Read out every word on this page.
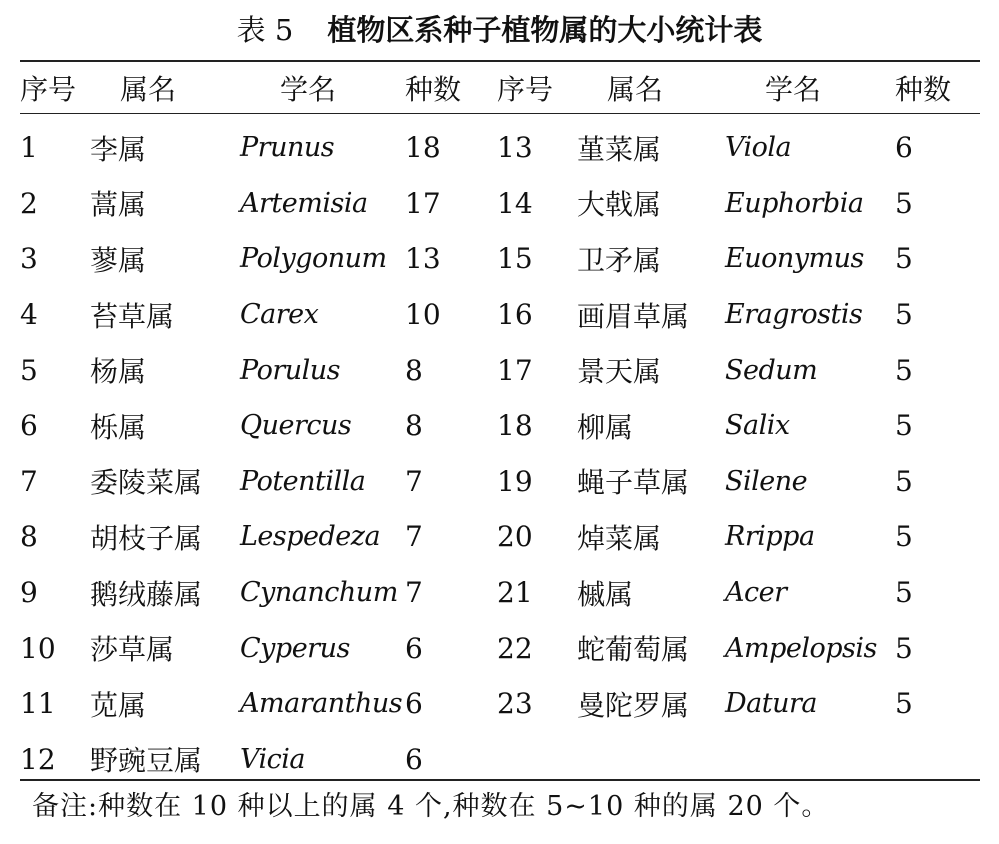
表 5 植物区系种子植物属的大小统计表
序号	属名	学名	种数	序号	属名	学名	种数
1	李属	Prunus	18	13	堇菜属	Viola	6
2	蒿属	Artemisia	17	14	大戟属	Euphorbia	5
3	蓼属	Polygonum	13	15	卫矛属	Euonymus	5
4	苔草属	Carex	10	16	画眉草属	Eragrostis	5
5	杨属	Porulus	8	17	景天属	Sedum	5
6	栎属	Quercus	8	18	柳属	Salix	5
7	委陵菜属	Potentilla	7	19	蝇子草属	Silene	5
8	胡枝子属	Lespedeza	7	20	焯菜属	Rrippa	5
9	鹅绒藤属	Cynanchum	7	21	槭属	Acer	5
10	莎草属	Cyperus	6	22	蛇葡萄属	Ampelopsis	5
11	苋属	Amaranthus	6	23	曼陀罗属	Datura	5
12	野豌豆属	Vicia	6				
备注:种数在 10 种以上的属 4 个,种数在 5~10 种的属 20 个。
